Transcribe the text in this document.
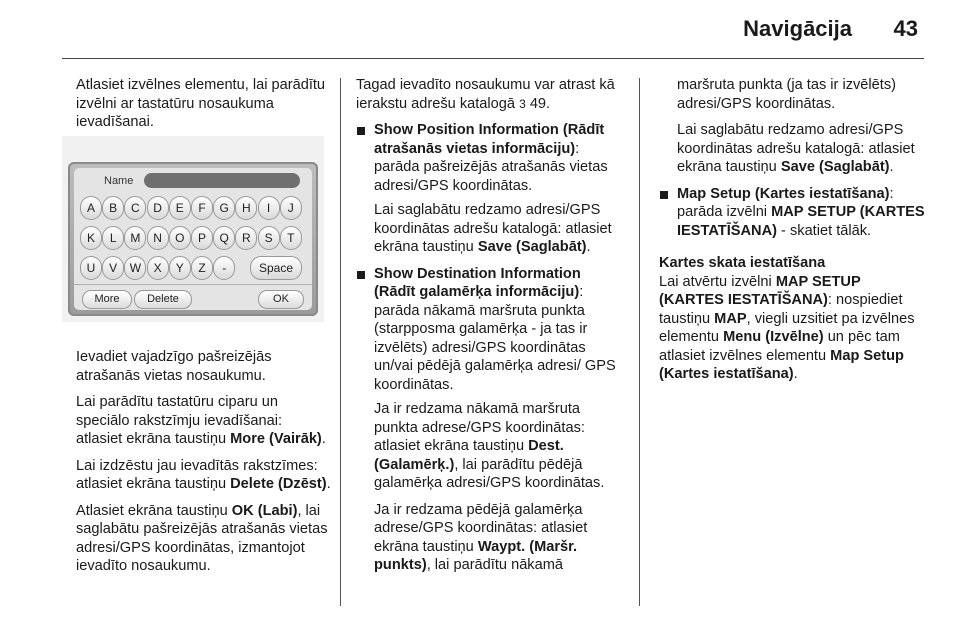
Navigācija 43

Atlasiet izvēlnes elementu, lai parādītu izvēlni ar tastatūru nosaukuma ievadīšanai.

Name
A	B	C	D	E	F	G	H	I	J
K	L	M	N	O	P	Q	R	S	T
U	V	W	X	Y	Z	-	Space
More	Delete	OK

Ievadiet vajadzīgo pašreizējās atrašanās vietas nosaukumu.

Lai parādītu tastatūru ciparu un speciālo rakstzīmju ievadīšanai: atlasiet ekrāna taustiņu More (Vairāk).

Lai izdzēstu jau ievadītās rakstzīmes: atlasiet ekrāna taustiņu Delete (Dzēst).

Atlasiet ekrāna taustiņu OK (Labi), lai saglabātu pašreizējās atrašanās vietas adresi/GPS koordinātas, izmantojot ievadīto nosaukumu.

Tagad ievadīto nosaukumu var atrast kā ierakstu adrešu katalogā 3 49.

Show Position Information (Rādīt atrašanās vietas informāciju): parāda pašreizējās atrašanās vietas adresi/GPS koordinātas.

Lai saglabātu redzamo adresi/GPS koordinātas adrešu katalogā: atlasiet ekrāna taustiņu Save (Saglabāt).

Show Destination Information (Rādīt galamērķa informāciju): parāda nākamā maršruta punkta (starpposma galamērķa - ja tas ir izvēlēts) adresi/GPS koordinātas un/vai pēdējā galamērķa adresi/ GPS koordinātas.

Ja ir redzama nākamā maršruta punkta adrese/GPS koordinātas: atlasiet ekrāna taustiņu Dest. (Galamērķ.), lai parādītu pēdējā galamērķa adresi/GPS koordinātas.

Ja ir redzama pēdējā galamērķa adrese/GPS koordinātas: atlasiet ekrāna taustiņu Waypt. (Maršr. punkts), lai parādītu nākamā

maršruta punkta (ja tas ir izvēlēts) adresi/GPS koordinātas.

Lai saglabātu redzamo adresi/GPS koordinātas adrešu katalogā: atlasiet ekrāna taustiņu Save (Saglabāt).

Map Setup (Kartes iestatīšana): parāda izvēlni MAP SETUP (KARTES IESTATĪŠANA) - skatiet tālāk.

Kartes skata iestatīšana

Lai atvērtu izvēlni MAP SETUP (KARTES IESTATĪŠANA): nospiediet taustiņu MAP, viegli uzsitiet pa izvēlnes elementu Menu (Izvēlne) un pēc tam atlasiet izvēlnes elementu Map Setup (Kartes iestatīšana).
